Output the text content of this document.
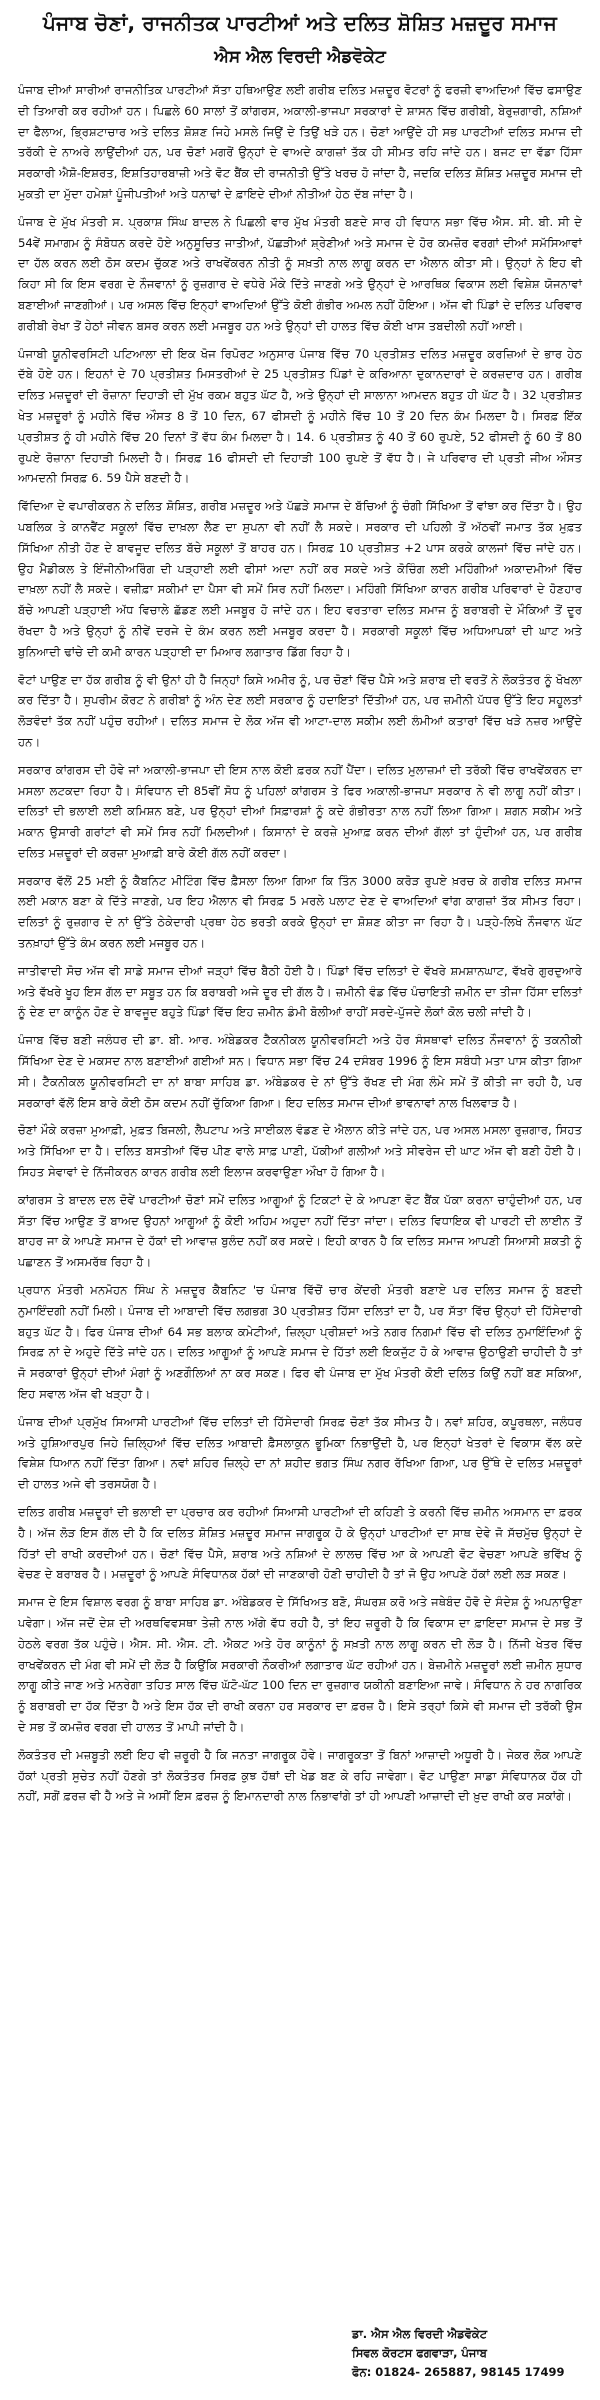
ਪੰਜਾਬ ਚੋਣਾਂ, ਰਾਜਨੀਤਕ ਪਾਰਟੀਆਂ ਅਤੇ ਦਲਿਤ ਸ਼ੋਸ਼ਿਤ ਮਜ਼ਦੂਰ ਸਮਾਜ
ਐਸ ਐਲ ਵਿਰਦੀ ਐਡਵੋਕੇਟ

ਪੰਜਾਬ ਦੀਆਂ ਸਾਰੀਆਂ ਰਾਜਨੀਤਿਕ ਪਾਰਟੀਆਂ ਸੱਤਾ ਹਥਿਆਉਣ ਲਈ ਗਰੀਬ ਦਲਿਤ ਮਜ਼ਦੂਰ ਵੋਟਰਾਂ ਨੂੰ ਫਰਜ਼ੀ ਵਾਅਦਿਆਂ ਵਿੱਚ ਫਸਾਉਣ ਦੀ ਤਿਆਰੀ ਕਰ ਰਹੀਆਂ ਹਨ। ਪਿਛਲੇ 60 ਸਾਲਾਂ ਤੋਂ ਕਾਂਗਰਸ, ਅਕਾਲੀ-ਭਾਜਪਾ ਸਰਕਾਰਾਂ ਦੇ ਸ਼ਾਸਨ ਵਿੱਚ ਗਰੀਬੀ, ਬੇਰੁਜ਼ਗਾਰੀ, ਨਸ਼ਿਆਂ ਦਾ ਫੈਲਾਅ, ਭ੍ਰਿਸ਼ਟਾਚਾਰ ਅਤੇ ਦਲਿਤ ਸ਼ੋਸ਼ਣ ਜਿਹੇ ਮਸਲੇ ਜਿਉਂ ਦੇ ਤਿਉਂ ਖੜੇ ਹਨ। ਚੋਣਾਂ ਆਉਂਦੇ ਹੀ ਸਭ ਪਾਰਟੀਆਂ ਦਲਿਤ ਸਮਾਜ ਦੀ ਤਰੱਕੀ ਦੇ ਨਾਅਰੇ ਲਾਉਂਦੀਆਂ ਹਨ, ਪਰ ਚੋਣਾਂ ਮਗਰੋਂ ਉਨ੍ਹਾਂ ਦੇ ਵਾਅਦੇ ਕਾਗਜ਼ਾਂ ਤੱਕ ਹੀ ਸੀਮਤ ਰਹਿ ਜਾਂਦੇ ਹਨ। ਬਜਟ ਦਾ ਵੱਡਾ ਹਿੱਸਾ ਸਰਕਾਰੀ ਐਸ਼ੋ-ਇਸ਼ਰਤ, ਇਸ਼ਤਿਹਾਰਬਾਜ਼ੀ ਅਤੇ ਵੋਟ ਬੈਂਕ ਦੀ ਰਾਜਨੀਤੀ ਉੱਤੇ ਖਰਚ ਹੋ ਜਾਂਦਾ ਹੈ, ਜਦਕਿ ਦਲਿਤ ਸ਼ੋਸ਼ਿਤ ਮਜ਼ਦੂਰ ਸਮਾਜ ਦੀ ਮੁਕਤੀ ਦਾ ਮੁੱਦਾ ਹਮੇਸ਼ਾਂ ਪੂੰਜੀਪਤੀਆਂ ਅਤੇ ਧਨਾਢਾਂ ਦੇ ਫ਼ਾਇਦੇ ਦੀਆਂ ਨੀਤੀਆਂ ਹੇਠ ਦੱਬ ਜਾਂਦਾ ਹੈ।

ਪੰਜਾਬ ਦੇ ਮੁੱਖ ਮੰਤਰੀ ਸ. ਪ੍ਰਕਾਸ਼ ਸਿੰਘ ਬਾਦਲ ਨੇ ਪਿਛਲੀ ਵਾਰ ਮੁੱਖ ਮੰਤਰੀ ਬਣਦੇ ਸਾਰ ਹੀ ਵਿਧਾਨ ਸਭਾ ਵਿੱਚ ਐਸ. ਸੀ. ਬੀ. ਸੀ ਦੇ 54ਵੇਂ ਸਮਾਗਮ ਨੂੰ ਸੰਬੋਧਨ ਕਰਦੇ ਹੋਏ ਅਨੁਸੂਚਿਤ ਜਾਤੀਆਂ, ਪੱਛੜੀਆਂ ਸ਼੍ਰੇਣੀਆਂ ਅਤੇ ਸਮਾਜ ਦੇ ਹੋਰ ਕਮਜ਼ੋਰ ਵਰਗਾਂ ਦੀਆਂ ਸਮੱਸਿਆਵਾਂ ਦਾ ਹੱਲ ਕਰਨ ਲਈ ਠੋਸ ਕਦਮ ਚੁੱਕਣ ਅਤੇ ਰਾਖਵੇਂਕਰਨ ਨੀਤੀ ਨੂੰ ਸਖ਼ਤੀ ਨਾਲ ਲਾਗੂ ਕਰਨ ਦਾ ਐਲਾਨ ਕੀਤਾ ਸੀ। ਉਨ੍ਹਾਂ ਨੇ ਇਹ ਵੀ ਕਿਹਾ ਸੀ ਕਿ ਇਸ ਵਰਗ ਦੇ ਨੌਜਵਾਨਾਂ ਨੂੰ ਰੁਜ਼ਗਾਰ ਦੇ ਵਧੇਰੇ ਮੌਕੇ ਦਿੱਤੇ ਜਾਣਗੇ ਅਤੇ ਉਨ੍ਹਾਂ ਦੇ ਆਰਥਿਕ ਵਿਕਾਸ ਲਈ ਵਿਸ਼ੇਸ਼ ਯੋਜਨਾਵਾਂ ਬਣਾਈਆਂ ਜਾਣਗੀਆਂ। ਪਰ ਅਸਲ ਵਿੱਚ ਇਨ੍ਹਾਂ ਵਾਅਦਿਆਂ ਉੱਤੇ ਕੋਈ ਗੰਭੀਰ ਅਮਲ ਨਹੀਂ ਹੋਇਆ। ਅੱਜ ਵੀ ਪਿੰਡਾਂ ਦੇ ਦਲਿਤ ਪਰਿਵਾਰ ਗਰੀਬੀ ਰੇਖਾ ਤੋਂ ਹੇਠਾਂ ਜੀਵਨ ਬਸਰ ਕਰਨ ਲਈ ਮਜਬੂਰ ਹਨ ਅਤੇ ਉਨ੍ਹਾਂ ਦੀ ਹਾਲਤ ਵਿੱਚ ਕੋਈ ਖਾਸ ਤਬਦੀਲੀ ਨਹੀਂ ਆਈ।

ਪੰਜਾਬੀ ਯੂਨੀਵਰਸਿਟੀ ਪਟਿਆਲਾ ਦੀ ਇਕ ਖੋਜ ਰਿਪੋਰਟ ਅਨੁਸਾਰ ਪੰਜਾਬ ਵਿੱਚ 70 ਪ੍ਰਤੀਸ਼ਤ ਦਲਿਤ ਮਜ਼ਦੂਰ ਕਰਜ਼ਿਆਂ ਦੇ ਭਾਰ ਹੇਠ ਦੱਬੇ ਹੋਏ ਹਨ। ਇਹਨਾਂ ਦੇ 70 ਪ੍ਰਤੀਸ਼ਤ ਮਿਸਤਰੀਆਂ ਦੇ 25 ਪ੍ਰਤੀਸ਼ਤ ਪਿੰਡਾਂ ਦੇ ਕਰਿਆਨਾ ਦੁਕਾਨਦਾਰਾਂ ਦੇ ਕਰਜ਼ਦਾਰ ਹਨ। ਗਰੀਬ ਦਲਿਤ ਮਜ਼ਦੂਰਾਂ ਦੀ ਰੋਜ਼ਾਨਾ ਦਿਹਾੜੀ ਦੀ ਮੁੱਖ ਰਕਮ ਬਹੁਤ ਘੱਟ ਹੈ, ਅਤੇ ਉਨ੍ਹਾਂ ਦੀ ਸਾਲਾਨਾ ਆਮਦਨ ਬਹੁਤ ਹੀ ਘੱਟ ਹੈ। 32 ਪ੍ਰਤੀਸ਼ਤ ਖੇਤ ਮਜ਼ਦੂਰਾਂ ਨੂੰ ਮਹੀਨੇ ਵਿੱਚ ਔਸਤ 8 ਤੋਂ 10 ਦਿਨ, 67 ਫੀਸਦੀ ਨੂੰ ਮਹੀਨੇ ਵਿੱਚ 10 ਤੋਂ 20 ਦਿਨ ਕੰਮ ਮਿਲਦਾ ਹੈ। ਸਿਰਫ਼ ਇੱਕ ਪ੍ਰਤੀਸ਼ਤ ਨੂੰ ਹੀ ਮਹੀਨੇ ਵਿੱਚ 20 ਦਿਨਾਂ ਤੋਂ ਵੱਧ ਕੰਮ ਮਿਲਦਾ ਹੈ। 14. 6 ਪ੍ਰਤੀਸ਼ਤ ਨੂੰ 40 ਤੋਂ 60 ਰੁਪਏ, 52 ਫੀਸਦੀ ਨੂੰ 60 ਤੋਂ 80 ਰੁਪਏ ਰੋਜ਼ਾਨਾ ਦਿਹਾੜੀ ਮਿਲਦੀ ਹੈ। ਸਿਰਫ਼ 16 ਫੀਸਦੀ ਦੀ ਦਿਹਾੜੀ 100 ਰੁਪਏ ਤੋਂ ਵੱਧ ਹੈ। ਜੇ ਪਰਿਵਾਰ ਦੀ ਪ੍ਰਤੀ ਜੀਅ ਔਸਤ ਆਮਦਨੀ ਸਿਰਫ਼ 6. 59 ਪੈਸੇ ਬਣਦੀ ਹੈ।

ਵਿੱਦਿਆ ਦੇ ਵਪਾਰੀਕਰਨ ਨੇ ਦਲਿਤ ਸ਼ੋਸ਼ਿਤ, ਗਰੀਬ ਮਜ਼ਦੂਰ ਅਤੇ ਪੱਛੜੇ ਸਮਾਜ ਦੇ ਬੱਚਿਆਂ ਨੂੰ ਚੰਗੀ ਸਿੱਖਿਆ ਤੋਂ ਵਾਂਝਾ ਕਰ ਦਿੱਤਾ ਹੈ। ਉਹ ਪਬਲਿਕ ਤੇ ਕਾਨਵੈਂਟ ਸਕੂਲਾਂ ਵਿੱਚ ਦਾਖ਼ਲਾ ਲੈਣ ਦਾ ਸੁਪਨਾ ਵੀ ਨਹੀਂ ਲੈ ਸਕਦੇ। ਸਰਕਾਰ ਦੀ ਪਹਿਲੀ ਤੋਂ ਅੱਠਵੀਂ ਜਮਾਤ ਤੱਕ ਮੁਫ਼ਤ ਸਿੱਖਿਆ ਨੀਤੀ ਹੋਣ ਦੇ ਬਾਵਜੂਦ ਦਲਿਤ ਬੱਚੇ ਸਕੂਲਾਂ ਤੋਂ ਬਾਹਰ ਹਨ। ਸਿਰਫ਼ 10 ਪ੍ਰਤੀਸ਼ਤ +2 ਪਾਸ ਕਰਕੇ ਕਾਲਜਾਂ ਵਿੱਚ ਜਾਂਦੇ ਹਨ। ਉਹ ਮੈਡੀਕਲ ਤੇ ਇੰਜੀਨੀਅਰਿੰਗ ਦੀ ਪੜ੍ਹਾਈ ਲਈ ਫੀਸਾਂ ਅਦਾ ਨਹੀਂ ਕਰ ਸਕਦੇ ਅਤੇ ਕੋਚਿੰਗ ਲਈ ਮਹਿੰਗੀਆਂ ਅਕਾਦਮੀਆਂ ਵਿੱਚ ਦਾਖ਼ਲਾ ਨਹੀਂ ਲੈ ਸਕਦੇ। ਵਜ਼ੀਫ਼ਾ ਸਕੀਮਾਂ ਦਾ ਪੈਸਾ ਵੀ ਸਮੇਂ ਸਿਰ ਨਹੀਂ ਮਿਲਦਾ। ਮਹਿੰਗੀ ਸਿੱਖਿਆ ਕਾਰਨ ਗਰੀਬ ਪਰਿਵਾਰਾਂ ਦੇ ਹੋਣਹਾਰ ਬੱਚੇ ਆਪਣੀ ਪੜ੍ਹਾਈ ਅੱਧ ਵਿਚਾਲੇ ਛੱਡਣ ਲਈ ਮਜਬੂਰ ਹੋ ਜਾਂਦੇ ਹਨ। ਇਹ ਵਰਤਾਰਾ ਦਲਿਤ ਸਮਾਜ ਨੂੰ ਬਰਾਬਰੀ ਦੇ ਮੌਕਿਆਂ ਤੋਂ ਦੂਰ ਰੱਖਦਾ ਹੈ ਅਤੇ ਉਨ੍ਹਾਂ ਨੂੰ ਨੀਵੇਂ ਦਰਜੇ ਦੇ ਕੰਮ ਕਰਨ ਲਈ ਮਜਬੂਰ ਕਰਦਾ ਹੈ। ਸਰਕਾਰੀ ਸਕੂਲਾਂ ਵਿੱਚ ਅਧਿਆਪਕਾਂ ਦੀ ਘਾਟ ਅਤੇ ਬੁਨਿਆਦੀ ਢਾਂਚੇ ਦੀ ਕਮੀ ਕਾਰਨ ਪੜ੍ਹਾਈ ਦਾ ਮਿਆਰ ਲਗਾਤਾਰ ਡਿੱਗ ਰਿਹਾ ਹੈ।

ਵੋਟਾਂ ਪਾਉਣ ਦਾ ਹੱਕ ਗਰੀਬ ਨੂੰ ਵੀ ਉਨਾਂ ਹੀ ਹੈ ਜਿਨ੍ਹਾਂ ਕਿਸੇ ਅਮੀਰ ਨੂੰ, ਪਰ ਚੋਣਾਂ ਵਿੱਚ ਪੈਸੇ ਅਤੇ ਸ਼ਰਾਬ ਦੀ ਵਰਤੋਂ ਨੇ ਲੋਕਤੰਤਰ ਨੂੰ ਖੋਖਲਾ ਕਰ ਦਿੱਤਾ ਹੈ। ਸੁਪਰੀਮ ਕੋਰਟ ਨੇ ਗਰੀਬਾਂ ਨੂੰ ਅੰਨ ਦੇਣ ਲਈ ਸਰਕਾਰ ਨੂੰ ਹਦਾਇਤਾਂ ਦਿੱਤੀਆਂ ਹਨ, ਪਰ ਜ਼ਮੀਨੀ ਪੱਧਰ ਉੱਤੇ ਇਹ ਸਹੂਲਤਾਂ ਲੋੜਵੰਦਾਂ ਤੱਕ ਨਹੀਂ ਪਹੁੰਚ ਰਹੀਆਂ। ਦਲਿਤ ਸਮਾਜ ਦੇ ਲੋਕ ਅੱਜ ਵੀ ਆਟਾ-ਦਾਲ ਸਕੀਮ ਲਈ ਲੰਮੀਆਂ ਕਤਾਰਾਂ ਵਿੱਚ ਖੜੇ ਨਜ਼ਰ ਆਉਂਦੇ ਹਨ।

ਸਰਕਾਰ ਕਾਂਗਰਸ ਦੀ ਹੋਵੇ ਜਾਂ ਅਕਾਲੀ-ਭਾਜਪਾ ਦੀ ਇਸ ਨਾਲ ਕੋਈ ਫ਼ਰਕ ਨਹੀਂ ਪੈਂਦਾ। ਦਲਿਤ ਮੁਲਾਜ਼ਮਾਂ ਦੀ ਤਰੱਕੀ ਵਿੱਚ ਰਾਖਵੇਂਕਰਨ ਦਾ ਮਸਲਾ ਲਟਕਦਾ ਰਿਹਾ ਹੈ। ਸੰਵਿਧਾਨ ਦੀ 85ਵੀਂ ਸੋਧ ਨੂੰ ਪਹਿਲਾਂ ਕਾਂਗਰਸ ਤੇ ਫਿਰ ਅਕਾਲੀ-ਭਾਜਪਾ ਸਰਕਾਰ ਨੇ ਵੀ ਲਾਗੂ ਨਹੀਂ ਕੀਤਾ। ਦਲਿਤਾਂ ਦੀ ਭਲਾਈ ਲਈ ਕਮਿਸ਼ਨ ਬਣੇ, ਪਰ ਉਨ੍ਹਾਂ ਦੀਆਂ ਸਿਫ਼ਾਰਸ਼ਾਂ ਨੂੰ ਕਦੇ ਗੰਭੀਰਤਾ ਨਾਲ ਨਹੀਂ ਲਿਆ ਗਿਆ। ਸ਼ਗਨ ਸਕੀਮ ਅਤੇ ਮਕਾਨ ਉਸਾਰੀ ਗਰਾਂਟਾਂ ਵੀ ਸਮੇਂ ਸਿਰ ਨਹੀਂ ਮਿਲਦੀਆਂ। ਕਿਸਾਨਾਂ ਦੇ ਕਰਜ਼ੇ ਮੁਆਫ਼ ਕਰਨ ਦੀਆਂ ਗੱਲਾਂ ਤਾਂ ਹੁੰਦੀਆਂ ਹਨ, ਪਰ ਗਰੀਬ ਦਲਿਤ ਮਜ਼ਦੂਰਾਂ ਦੀ ਕਰਜ਼ਾ ਮੁਆਫ਼ੀ ਬਾਰੇ ਕੋਈ ਗੱਲ ਨਹੀਂ ਕਰਦਾ।

ਸਰਕਾਰ ਵੱਲੋਂ 25 ਮਈ ਨੂੰ ਕੈਬਨਿਟ ਮੀਟਿੰਗ ਵਿੱਚ ਫ਼ੈਸਲਾ ਲਿਆ ਗਿਆ ਕਿ ਤਿੰਨ 3000 ਕਰੋੜ ਰੁਪਏ ਖ਼ਰਚ ਕੇ ਗਰੀਬ ਦਲਿਤ ਸਮਾਜ ਲਈ ਮਕਾਨ ਬਣਾ ਕੇ ਦਿੱਤੇ ਜਾਣਗੇ, ਪਰ ਇਹ ਐਲਾਨ ਵੀ ਸਿਰਫ਼ 5 ਮਰਲੇ ਪਲਾਟ ਦੇਣ ਦੇ ਵਾਅਦਿਆਂ ਵਾਂਗ ਕਾਗਜ਼ਾਂ ਤੱਕ ਸੀਮਤ ਰਿਹਾ। ਦਲਿਤਾਂ ਨੂੰ ਰੁਜ਼ਗਾਰ ਦੇ ਨਾਂ ਉੱਤੇ ਠੇਕੇਦਾਰੀ ਪ੍ਰਥਾ ਹੇਠ ਭਰਤੀ ਕਰਕੇ ਉਨ੍ਹਾਂ ਦਾ ਸ਼ੋਸ਼ਣ ਕੀਤਾ ਜਾ ਰਿਹਾ ਹੈ। ਪੜ੍ਹੇ-ਲਿਖੇ ਨੌਜਵਾਨ ਘੱਟ ਤਨਖ਼ਾਹਾਂ ਉੱਤੇ ਕੰਮ ਕਰਨ ਲਈ ਮਜਬੂਰ ਹਨ।

ਜਾਤੀਵਾਦੀ ਸੋਚ ਅੱਜ ਵੀ ਸਾਡੇ ਸਮਾਜ ਦੀਆਂ ਜੜ੍ਹਾਂ ਵਿੱਚ ਬੈਠੀ ਹੋਈ ਹੈ। ਪਿੰਡਾਂ ਵਿੱਚ ਦਲਿਤਾਂ ਦੇ ਵੱਖਰੇ ਸ਼ਮਸ਼ਾਨਘਾਟ, ਵੱਖਰੇ ਗੁਰਦੁਆਰੇ ਅਤੇ ਵੱਖਰੇ ਖੂਹ ਇਸ ਗੱਲ ਦਾ ਸਬੂਤ ਹਨ ਕਿ ਬਰਾਬਰੀ ਅਜੇ ਦੂਰ ਦੀ ਗੱਲ ਹੈ। ਜ਼ਮੀਨੀ ਵੰਡ ਵਿੱਚ ਪੰਚਾਇਤੀ ਜ਼ਮੀਨ ਦਾ ਤੀਜਾ ਹਿੱਸਾ ਦਲਿਤਾਂ ਨੂੰ ਦੇਣ ਦਾ ਕਾਨੂੰਨ ਹੋਣ ਦੇ ਬਾਵਜੂਦ ਬਹੁਤੇ ਪਿੰਡਾਂ ਵਿੱਚ ਇਹ ਜ਼ਮੀਨ ਡੰਮੀ ਬੋਲੀਆਂ ਰਾਹੀਂ ਸਰਦੇ-ਪੁੱਜਦੇ ਲੋਕਾਂ ਕੋਲ ਚਲੀ ਜਾਂਦੀ ਹੈ।

ਪੰਜਾਬ ਵਿੱਚ ਬਣੀ ਜਲੰਧਰ ਦੀ ਡਾ. ਬੀ. ਆਰ. ਅੰਬੇਡਕਰ ਟੈਕਨੀਕਲ ਯੂਨੀਵਰਸਿਟੀ ਅਤੇ ਹੋਰ ਸੰਸਥਾਵਾਂ ਦਲਿਤ ਨੌਜਵਾਨਾਂ ਨੂੰ ਤਕਨੀਕੀ ਸਿੱਖਿਆ ਦੇਣ ਦੇ ਮਕਸਦ ਨਾਲ ਬਣਾਈਆਂ ਗਈਆਂ ਸਨ। ਵਿਧਾਨ ਸਭਾ ਵਿੱਚ 24 ਦਸੰਬਰ 1996 ਨੂੰ ਇਸ ਸਬੰਧੀ ਮਤਾ ਪਾਸ ਕੀਤਾ ਗਿਆ ਸੀ। ਟੈਕਨੀਕਲ ਯੂਨੀਵਰਸਿਟੀ ਦਾ ਨਾਂ ਬਾਬਾ ਸਾਹਿਬ ਡਾ. ਅੰਬੇਡਕਰ ਦੇ ਨਾਂ ਉੱਤੇ ਰੱਖਣ ਦੀ ਮੰਗ ਲੰਮੇ ਸਮੇਂ ਤੋਂ ਕੀਤੀ ਜਾ ਰਹੀ ਹੈ, ਪਰ ਸਰਕਾਰਾਂ ਵੱਲੋਂ ਇਸ ਬਾਰੇ ਕੋਈ ਠੋਸ ਕਦਮ ਨਹੀਂ ਚੁੱਕਿਆ ਗਿਆ। ਇਹ ਦਲਿਤ ਸਮਾਜ ਦੀਆਂ ਭਾਵਨਾਵਾਂ ਨਾਲ ਖਿਲਵਾੜ ਹੈ।

ਚੋਣਾਂ ਮੌਕੇ ਕਰਜ਼ਾ ਮੁਆਫ਼ੀ, ਮੁਫ਼ਤ ਬਿਜਲੀ, ਲੈਪਟਾਪ ਅਤੇ ਸਾਈਕਲ ਵੰਡਣ ਦੇ ਐਲਾਨ ਕੀਤੇ ਜਾਂਦੇ ਹਨ, ਪਰ ਅਸਲ ਮਸਲਾ ਰੁਜ਼ਗਾਰ, ਸਿਹਤ ਅਤੇ ਸਿੱਖਿਆ ਦਾ ਹੈ। ਦਲਿਤ ਬਸਤੀਆਂ ਵਿੱਚ ਪੀਣ ਵਾਲੇ ਸਾਫ਼ ਪਾਣੀ, ਪੱਕੀਆਂ ਗਲੀਆਂ ਅਤੇ ਸੀਵਰੇਜ ਦੀ ਘਾਟ ਅੱਜ ਵੀ ਬਣੀ ਹੋਈ ਹੈ। ਸਿਹਤ ਸੇਵਾਵਾਂ ਦੇ ਨਿੱਜੀਕਰਨ ਕਾਰਨ ਗਰੀਬ ਲਈ ਇਲਾਜ ਕਰਵਾਉਣਾ ਔਖਾ ਹੋ ਗਿਆ ਹੈ।

ਕਾਂਗਰਸ ਤੇ ਬਾਦਲ ਦਲ ਦੋਵੇਂ ਪਾਰਟੀਆਂ ਚੋਣਾਂ ਸਮੇਂ ਦਲਿਤ ਆਗੂਆਂ ਨੂੰ ਟਿਕਟਾਂ ਦੇ ਕੇ ਆਪਣਾ ਵੋਟ ਬੈਂਕ ਪੱਕਾ ਕਰਨਾ ਚਾਹੁੰਦੀਆਂ ਹਨ, ਪਰ ਸੱਤਾ ਵਿੱਚ ਆਉਣ ਤੋਂ ਬਾਅਦ ਉਹਨਾਂ ਆਗੂਆਂ ਨੂੰ ਕੋਈ ਅਹਿਮ ਅਹੁਦਾ ਨਹੀਂ ਦਿੱਤਾ ਜਾਂਦਾ। ਦਲਿਤ ਵਿਧਾਇਕ ਵੀ ਪਾਰਟੀ ਦੀ ਲਾਈਨ ਤੋਂ ਬਾਹਰ ਜਾ ਕੇ ਆਪਣੇ ਸਮਾਜ ਦੇ ਹੱਕਾਂ ਦੀ ਆਵਾਜ਼ ਬੁਲੰਦ ਨਹੀਂ ਕਰ ਸਕਦੇ। ਇਹੀ ਕਾਰਨ ਹੈ ਕਿ ਦਲਿਤ ਸਮਾਜ ਆਪਣੀ ਸਿਆਸੀ ਸ਼ਕਤੀ ਨੂੰ ਪਛਾਣਨ ਤੋਂ ਅਸਮਰੱਥ ਰਿਹਾ ਹੈ।

ਪ੍ਰਧਾਨ ਮੰਤਰੀ ਮਨਮੋਹਨ ਸਿੰਘ ਨੇ ਮਜ਼ਦੂਰ ਕੈਬਨਿਟ 'ਚ ਪੰਜਾਬ ਵਿੱਚੋਂ ਚਾਰ ਕੇਂਦਰੀ ਮੰਤਰੀ ਬਣਾਏ ਪਰ ਦਲਿਤ ਸਮਾਜ ਨੂੰ ਬਣਦੀ ਨੁਮਾਇੰਦਗੀ ਨਹੀਂ ਮਿਲੀ। ਪੰਜਾਬ ਦੀ ਆਬਾਦੀ ਵਿੱਚ ਲਗਭਗ 30 ਪ੍ਰਤੀਸ਼ਤ ਹਿੱਸਾ ਦਲਿਤਾਂ ਦਾ ਹੈ, ਪਰ ਸੱਤਾ ਵਿੱਚ ਉਨ੍ਹਾਂ ਦੀ ਹਿੱਸੇਦਾਰੀ ਬਹੁਤ ਘੱਟ ਹੈ। ਫਿਰ ਪੰਜਾਬ ਦੀਆਂ 64 ਸਭ ਬਲਾਕ ਕਮੇਟੀਆਂ, ਜ਼ਿਲ੍ਹਾ ਪ੍ਰੀਸ਼ਦਾਂ ਅਤੇ ਨਗਰ ਨਿਗਮਾਂ ਵਿੱਚ ਵੀ ਦਲਿਤ ਨੁਮਾਇੰਦਿਆਂ ਨੂੰ ਸਿਰਫ਼ ਨਾਂ ਦੇ ਅਹੁਦੇ ਦਿੱਤੇ ਜਾਂਦੇ ਹਨ। ਦਲਿਤ ਆਗੂਆਂ ਨੂੰ ਆਪਣੇ ਸਮਾਜ ਦੇ ਹਿੱਤਾਂ ਲਈ ਇਕਜੁੱਟ ਹੋ ਕੇ ਆਵਾਜ਼ ਉਠਾਉਣੀ ਚਾਹੀਦੀ ਹੈ ਤਾਂ ਜੋ ਸਰਕਾਰਾਂ ਉਨ੍ਹਾਂ ਦੀਆਂ ਮੰਗਾਂ ਨੂੰ ਅਣਗੌਲਿਆਂ ਨਾ ਕਰ ਸਕਣ। ਫਿਰ ਵੀ ਪੰਜਾਬ ਦਾ ਮੁੱਖ ਮੰਤਰੀ ਕੋਈ ਦਲਿਤ ਕਿਉਂ ਨਹੀਂ ਬਣ ਸਕਿਆ, ਇਹ ਸਵਾਲ ਅੱਜ ਵੀ ਖੜ੍ਹਾ ਹੈ।

ਪੰਜਾਬ ਦੀਆਂ ਪ੍ਰਮੁੱਖ ਸਿਆਸੀ ਪਾਰਟੀਆਂ ਵਿੱਚ ਦਲਿਤਾਂ ਦੀ ਹਿੱਸੇਦਾਰੀ ਸਿਰਫ਼ ਚੋਣਾਂ ਤੱਕ ਸੀਮਤ ਹੈ। ਨਵਾਂ ਸ਼ਹਿਰ, ਕਪੂਰਥਲਾ, ਜਲੰਧਰ ਅਤੇ ਹੁਸ਼ਿਆਰਪੁਰ ਜਿਹੇ ਜ਼ਿਲ੍ਹਿਆਂ ਵਿੱਚ ਦਲਿਤ ਆਬਾਦੀ ਫ਼ੈਸਲਾਕੁਨ ਭੂਮਿਕਾ ਨਿਭਾਉਂਦੀ ਹੈ, ਪਰ ਇਨ੍ਹਾਂ ਖੇਤਰਾਂ ਦੇ ਵਿਕਾਸ ਵੱਲ ਕਦੇ ਵਿਸ਼ੇਸ਼ ਧਿਆਨ ਨਹੀਂ ਦਿੱਤਾ ਗਿਆ। ਨਵਾਂ ਸ਼ਹਿਰ ਜ਼ਿਲ੍ਹੇ ਦਾ ਨਾਂ ਸ਼ਹੀਦ ਭਗਤ ਸਿੰਘ ਨਗਰ ਰੱਖਿਆ ਗਿਆ, ਪਰ ਉੱਥੇ ਦੇ ਦਲਿਤ ਮਜ਼ਦੂਰਾਂ ਦੀ ਹਾਲਤ ਅਜੇ ਵੀ ਤਰਸਯੋਗ ਹੈ।

ਦਲਿਤ ਗਰੀਬ ਮਜ਼ਦੂਰਾਂ ਦੀ ਭਲਾਈ ਦਾ ਪ੍ਰਚਾਰ ਕਰ ਰਹੀਆਂ ਸਿਆਸੀ ਪਾਰਟੀਆਂ ਦੀ ਕਹਿਣੀ ਤੇ ਕਰਨੀ ਵਿੱਚ ਜ਼ਮੀਨ ਅਸਮਾਨ ਦਾ ਫ਼ਰਕ ਹੈ। ਅੱਜ ਲੋੜ ਇਸ ਗੱਲ ਦੀ ਹੈ ਕਿ ਦਲਿਤ ਸ਼ੋਸ਼ਿਤ ਮਜ਼ਦੂਰ ਸਮਾਜ ਜਾਗਰੂਕ ਹੋ ਕੇ ਉਨ੍ਹਾਂ ਪਾਰਟੀਆਂ ਦਾ ਸਾਥ ਦੇਵੇ ਜੋ ਸੱਚਮੁੱਚ ਉਨ੍ਹਾਂ ਦੇ ਹਿੱਤਾਂ ਦੀ ਰਾਖੀ ਕਰਦੀਆਂ ਹਨ। ਚੋਣਾਂ ਵਿੱਚ ਪੈਸੇ, ਸ਼ਰਾਬ ਅਤੇ ਨਸ਼ਿਆਂ ਦੇ ਲਾਲਚ ਵਿੱਚ ਆ ਕੇ ਆਪਣੀ ਵੋਟ ਵੇਚਣਾ ਆਪਣੇ ਭਵਿੱਖ ਨੂੰ ਵੇਚਣ ਦੇ ਬਰਾਬਰ ਹੈ। ਮਜ਼ਦੂਰਾਂ ਨੂੰ ਆਪਣੇ ਸੰਵਿਧਾਨਕ ਹੱਕਾਂ ਦੀ ਜਾਣਕਾਰੀ ਹੋਣੀ ਚਾਹੀਦੀ ਹੈ ਤਾਂ ਜੋ ਉਹ ਆਪਣੇ ਹੱਕਾਂ ਲਈ ਲੜ ਸਕਣ।

ਸਮਾਜ ਦੇ ਇਸ ਵਿਸ਼ਾਲ ਵਰਗ ਨੂੰ ਬਾਬਾ ਸਾਹਿਬ ਡਾ. ਅੰਬੇਡਕਰ ਦੇ ਸਿੱਖਿਅਤ ਬਣੋ, ਸੰਘਰਸ਼ ਕਰੋ ਅਤੇ ਜਥੇਬੰਦ ਹੋਵੋ ਦੇ ਸੰਦੇਸ਼ ਨੂੰ ਅਪਨਾਉਣਾ ਪਵੇਗਾ। ਅੱਜ ਜਦੋਂ ਦੇਸ਼ ਦੀ ਅਰਥਵਿਵਸਥਾ ਤੇਜ਼ੀ ਨਾਲ ਅੱਗੇ ਵੱਧ ਰਹੀ ਹੈ, ਤਾਂ ਇਹ ਜ਼ਰੂਰੀ ਹੈ ਕਿ ਵਿਕਾਸ ਦਾ ਫ਼ਾਇਦਾ ਸਮਾਜ ਦੇ ਸਭ ਤੋਂ ਹੇਠਲੇ ਵਰਗ ਤੱਕ ਪਹੁੰਚੇ। ਐਸ. ਸੀ. ਐਸ. ਟੀ. ਐਕਟ ਅਤੇ ਹੋਰ ਕਾਨੂੰਨਾਂ ਨੂੰ ਸਖ਼ਤੀ ਨਾਲ ਲਾਗੂ ਕਰਨ ਦੀ ਲੋੜ ਹੈ। ਨਿੱਜੀ ਖੇਤਰ ਵਿੱਚ ਰਾਖਵੇਂਕਰਨ ਦੀ ਮੰਗ ਵੀ ਸਮੇਂ ਦੀ ਲੋੜ ਹੈ ਕਿਉਂਕਿ ਸਰਕਾਰੀ ਨੌਕਰੀਆਂ ਲਗਾਤਾਰ ਘੱਟ ਰਹੀਆਂ ਹਨ। ਬੇਜ਼ਮੀਨੇ ਮਜ਼ਦੂਰਾਂ ਲਈ ਜ਼ਮੀਨ ਸੁਧਾਰ ਲਾਗੂ ਕੀਤੇ ਜਾਣ ਅਤੇ ਮਨਰੇਗਾ ਤਹਿਤ ਸਾਲ ਵਿੱਚ ਘੱਟੋ-ਘੱਟ 100 ਦਿਨ ਦਾ ਰੁਜ਼ਗਾਰ ਯਕੀਨੀ ਬਣਾਇਆ ਜਾਵੇ। ਸੰਵਿਧਾਨ ਨੇ ਹਰ ਨਾਗਰਿਕ ਨੂੰ ਬਰਾਬਰੀ ਦਾ ਹੱਕ ਦਿੱਤਾ ਹੈ ਅਤੇ ਇਸ ਹੱਕ ਦੀ ਰਾਖੀ ਕਰਨਾ ਹਰ ਸਰਕਾਰ ਦਾ ਫ਼ਰਜ਼ ਹੈ। ਇਸੇ ਤਰ੍ਹਾਂ ਕਿਸੇ ਵੀ ਸਮਾਜ ਦੀ ਤਰੱਕੀ ਉਸ ਦੇ ਸਭ ਤੋਂ ਕਮਜ਼ੋਰ ਵਰਗ ਦੀ ਹਾਲਤ ਤੋਂ ਮਾਪੀ ਜਾਂਦੀ ਹੈ।

ਲੋਕਤੰਤਰ ਦੀ ਮਜ਼ਬੂਤੀ ਲਈ ਇਹ ਵੀ ਜ਼ਰੂਰੀ ਹੈ ਕਿ ਜਨਤਾ ਜਾਗਰੂਕ ਹੋਵੇ। ਜਾਗਰੂਕਤਾ ਤੋਂ ਬਿਨਾਂ ਆਜ਼ਾਦੀ ਅਧੂਰੀ ਹੈ। ਜੇਕਰ ਲੋਕ ਆਪਣੇ ਹੱਕਾਂ ਪ੍ਰਤੀ ਸੁਚੇਤ ਨਹੀਂ ਹੋਣਗੇ ਤਾਂ ਲੋਕਤੰਤਰ ਸਿਰਫ਼ ਕੁਝ ਹੱਥਾਂ ਦੀ ਖੇਡ ਬਣ ਕੇ ਰਹਿ ਜਾਵੇਗਾ। ਵੋਟ ਪਾਉਣਾ ਸਾਡਾ ਸੰਵਿਧਾਨਕ ਹੱਕ ਹੀ ਨਹੀਂ, ਸਗੋਂ ਫ਼ਰਜ਼ ਵੀ ਹੈ ਅਤੇ ਜੇ ਅਸੀਂ ਇਸ ਫ਼ਰਜ਼ ਨੂੰ ਇਮਾਨਦਾਰੀ ਨਾਲ ਨਿਭਾਵਾਂਗੇ ਤਾਂ ਹੀ ਆਪਣੀ ਆਜ਼ਾਦੀ ਦੀ ਖ਼ੁਦ ਰਾਖੀ ਕਰ ਸਕਾਂਗੇ।

ਡਾ. ਐਸ ਐਲ ਵਿਰਦੀ ਐਡਵੋਕੇਟ
ਸਿਵਲ ਕੋਰਟਸ ਫਗਵਾੜਾ, ਪੰਜਾਬ
ਫੋਨ: 01824- 265887, 98145 17499
